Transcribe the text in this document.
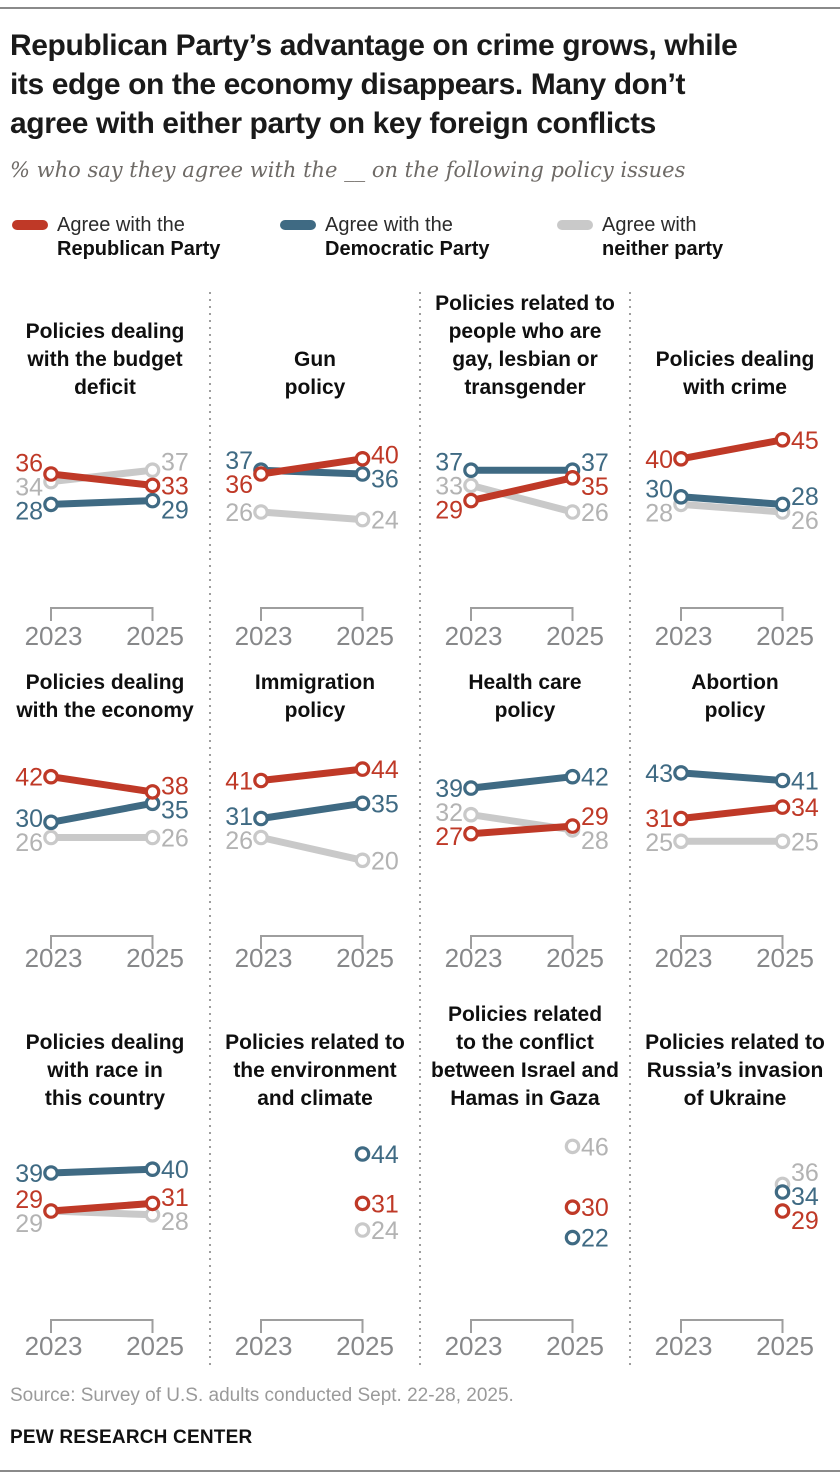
Republican Party’s advantage on crime grows, while
its edge on the economy disappears. Many don’t
agree with either party on key foreign conflicts
% who say they agree with the __ on the following policy issues
Agree with the
Republican Party
Agree with the
Democratic Party
Agree with
neither party
Policies dealing
with the budget
deficit
36
34
28
37
33
29
2023 2025
Gun
policy
37
36
26
40
36
24
2023 2025
Policies related to
people who are
gay, lesbian or
transgender
37
33
29
37
35
26
2023 2025
Policies dealing
with crime
40
30
28
45
28
26
2023 2025
Policies dealing
with the economy
42
30
26
38
35
26
2023 2025
Immigration
policy
41
31
26
44
35
20
2023 2025
Health care
policy
39
32
27
42
29
28
2023 2025
Abortion
policy
43
31
25
41
34
25
2023 2025
Policies dealing
with race in
this country
39
29
29
40
31
28
2023 2025
Policies related to
the environment
and climate
44
31
24
2023 2025
Policies related
to the conflict
between Israel and
Hamas in Gaza
46
30
22
2023 2025
Policies related to
Russia’s invasion
of Ukraine
36
34
29
2023 2025
Source: Survey of U.S. adults conducted Sept. 22-28, 2025.
PEW RESEARCH CENTER
